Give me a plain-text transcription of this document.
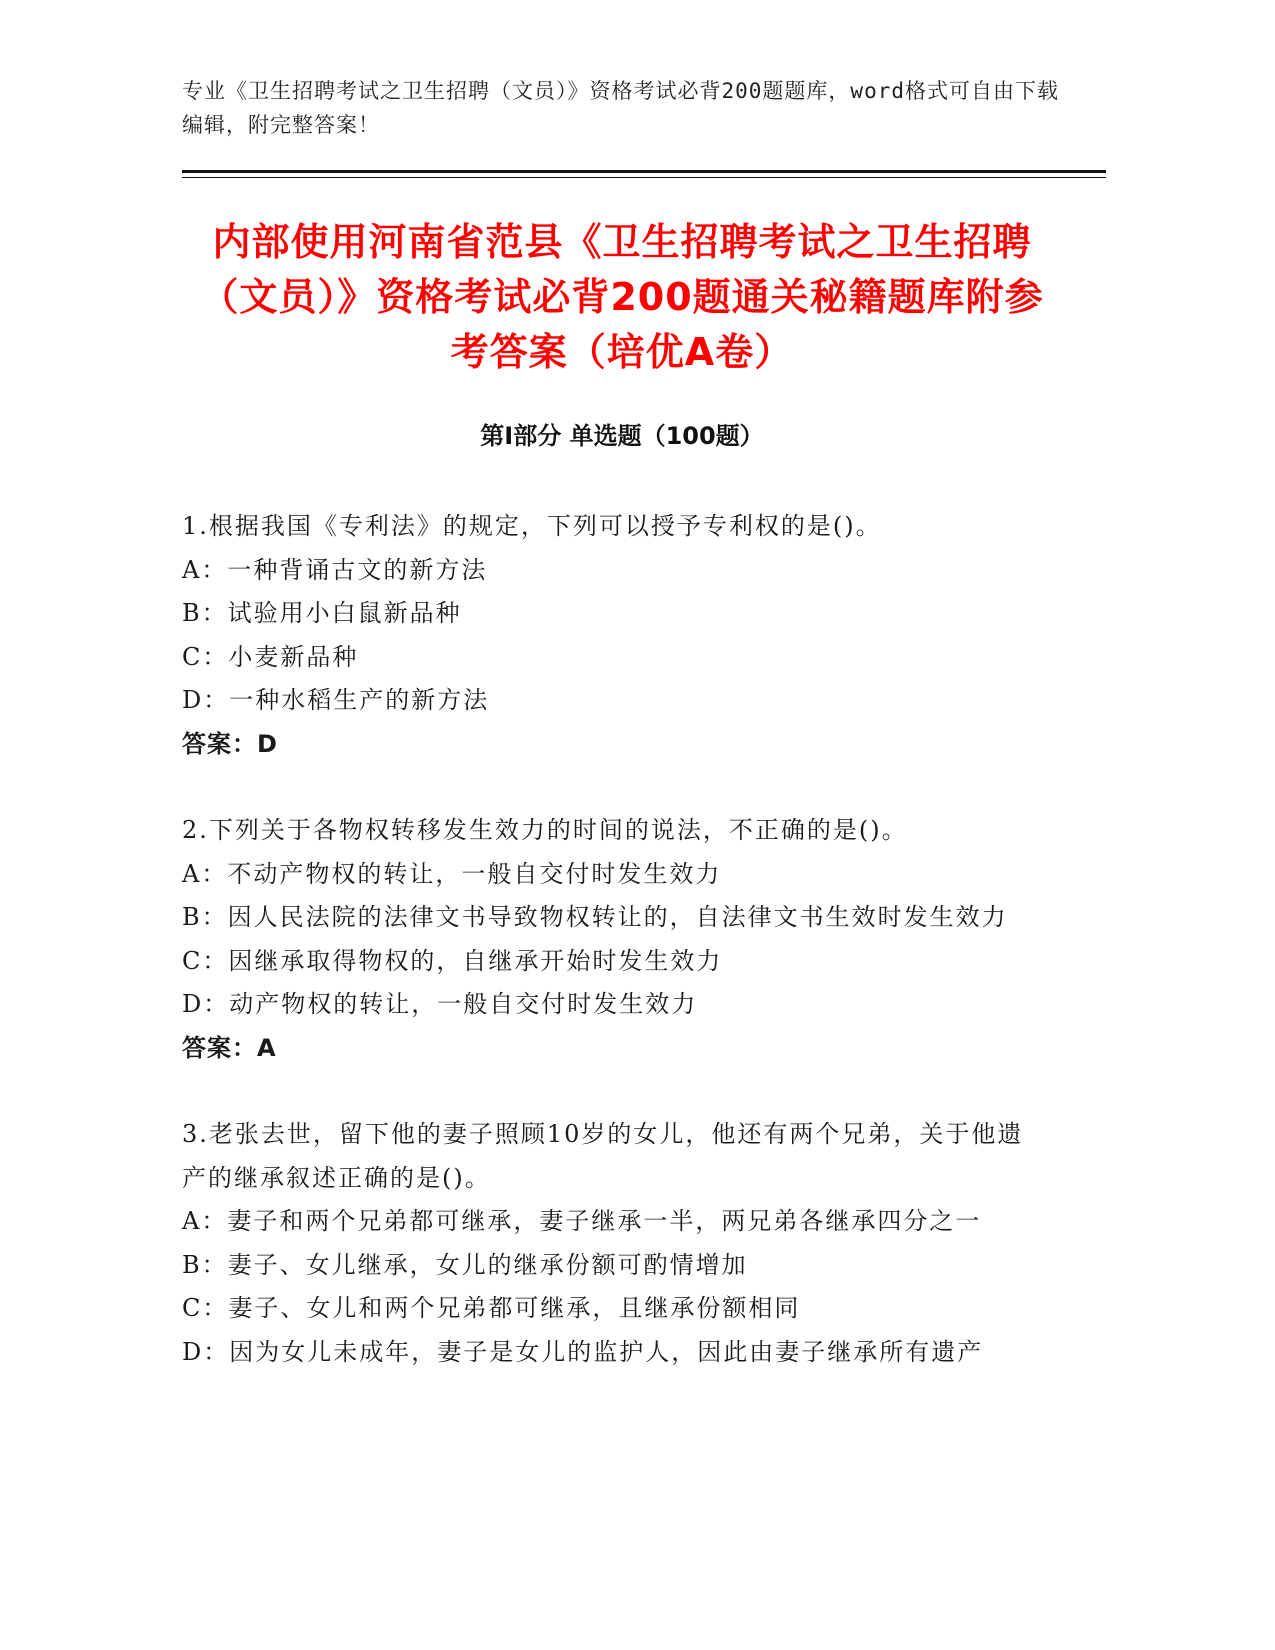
专业《卫生招聘考试之卫生招聘（文员）》资格考试必背200题题库，word格式可自由下载编辑，附完整答案！
内部使用河南省范县《卫生招聘考试之卫生招聘（文员）》资格考试必背200题通关秘籍题库附参考答案（培优A卷）
第Ⅰ部分 单选题（100题）

1.根据我国《专利法》的规定，下列可以授予专利权的是()。

A：一种背诵古文的新方法

B：试验用小白鼠新品种

C：小麦新品种

D：一种水稻生产的新方法

答案：D

2.下列关于各物权转移发生效力的时间的说法，不正确的是()。

A：不动产物权的转让，一般自交付时发生效力

B：因人民法院的法律文书导致物权转让的，自法律文书生效时发生效力

C：因继承取得物权的，自继承开始时发生效力

D：动产物权的转让，一般自交付时发生效力

答案：A

3.老张去世，留下他的妻子照顾10岁的女儿，他还有两个兄弟，关于他遗产的继承叙述正确的是()。

A：妻子和两个兄弟都可继承，妻子继承一半，两兄弟各继承四分之一

B：妻子、女儿继承，女儿的继承份额可酌情增加

C：妻子、女儿和两个兄弟都可继承，且继承份额相同

D：因为女儿未成年，妻子是女儿的监护人，因此由妻子继承所有遗产
